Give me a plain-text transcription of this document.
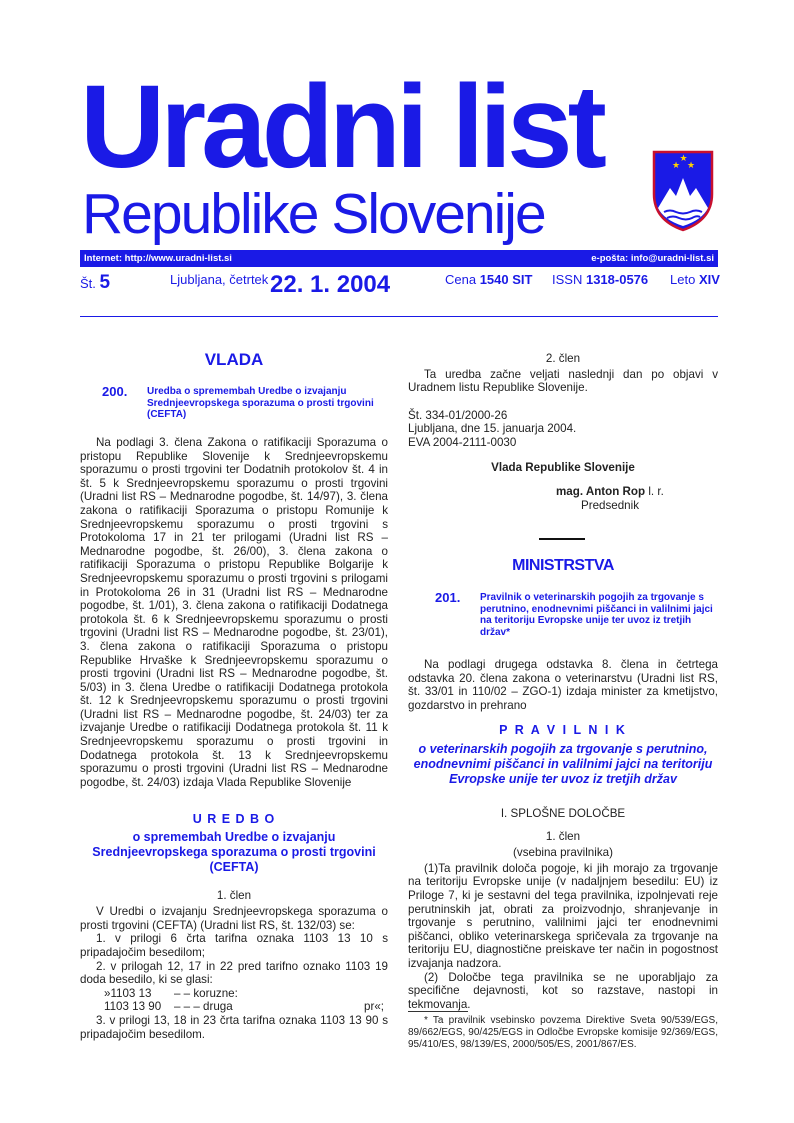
Uradni list
Republike Slovenije
★ ★
★
Internet: http://www.uradni-list.si	e-pošta: info@uradni-list.si
Št. 5	Ljubljana, četrtek 22. 1. 2004	Cena 1540 SIT ISSN 1318-0576 Leto XIV

VLADA

200. Uredba o spremembah Uredbe o izvajanju Srednjeevropskega sporazuma o prosti trgovini (CEFTA)

Na podlagi 3. člena Zakona o ratifikaciji Sporazuma o pristopu Republike Slovenije k Srednjeevropskemu sporazumu o prosti trgovini ter Dodatnih protokolov št. 4 in št. 5 k Srednjeevropskemu sporazumu o prosti trgovini (Uradni list RS – Mednarodne pogodbe, št. 14/97), 3. člena zakona o ratifikaciji Sporazuma o pristopu Romunije k Srednjeevropskemu sporazumu o prosti trgovini s Protokoloma 17 in 21 ter prilogami (Uradni list RS – Mednarodne pogodbe, št. 26/00), 3. člena zakona o ratifikaciji Sporazuma o pristopu Republike Bolgarije k Srednjeevropskemu sporazumu o prosti trgovini s prilogami in Protokoloma 26 in 31 (Uradni list RS – Mednarodne pogodbe, št. 1/01), 3. člena zakona o ratifikaciji Dodatnega protokola št. 6 k Srednjeevropskemu sporazumu o prosti trgovini (Uradni list RS – Mednarodne pogodbe, št. 23/01), 3. člena zakona o ratifikaciji Sporazuma o pristopu Republike Hrvaške k Srednjeevropskemu sporazumu o prosti trgovini (Uradni list RS – Mednarodne pogodbe, št. 5/03) in 3. člena Uredbe o ratifikaciji Dodatnega protokola št. 12 k Srednjeevropskemu sporazumu o prosti trgovini (Uradni list RS – Mednarodne pogodbe, št. 24/03) ter za izvajanje Uredbe o ratifikaciji Dodatnega protokola št. 11 k Srednjeevropskemu sporazumu o prosti trgovini in Dodatnega protokola št. 13 k Srednjeevropskemu sporazumu o prosti trgovini (Uradni list RS – Mednarodne pogodbe, št. 24/03) izdaja Vlada Republike Slovenije

U R E D B O

o spremembah Uredbe o izvajanju Srednjeevropskega sporazuma o prosti trgovini (CEFTA)

1. člen

V Uredbi o izvajanju Srednjeevropskega sporazuma o prosti trgovini (CEFTA) (Uradni list RS, št. 132/03) se:

1. v prilogi 6 črta tarifna oznaka 1103 13 10 s pripadajočim besedilom;

2. v prilogah 12, 17 in 22 pred tarifno oznako 1103 19 doda besedilo, ki se glasi:

»1103 13 – – koruzne:
1103 13 90 – – – druga	pr«;

3. v prilogi 13, 18 in 23 črta tarifna oznaka 1103 13 90 s pripadajočim besedilom.

2. člen

Ta uredba začne veljati naslednji dan po objavi v Uradnem listu Republike Slovenije.

Št. 334-01/2000-26

Ljubljana, dne 15. januarja 2004.

EVA 2004-2111-0030

Vlada Republike Slovenije

mag. Anton Rop l. r.

Predsednik

MINISTRSTVA

201. Pravilnik o veterinarskih pogojih za trgovanje s perutnino, enodnevnimi piščanci in valilnimi jajci na teritoriju Evropske unije ter uvoz iz tretjih držav*

Na podlagi drugega odstavka 8. člena in četrtega odstavka 20. člena zakona o veterinarstvu (Uradni list RS, št. 33/01 in 110/02 – ZGO-1) izdaja minister za kmetijstvo, gozdarstvo in prehrano

P R A V I L N I K

o veterinarskih pogojih za trgovanje s perutnino, enodnevnimi piščanci in valilnimi jajci na teritoriju Evropske unije ter uvoz iz tretjih držav

I. SPLOŠNE DOLOČBE

1. člen

(vsebina pravilnika)

(1)Ta pravilnik določa pogoje, ki jih morajo za trgovanje na teritoriju Evropske unije (v nadaljnjem besedilu: EU) iz Priloge 7, ki je sestavni del tega pravilnika, izpolnjevati reje perutninskih jat, obrati za proizvodnjo, shranjevanje in trgovanje s perutnino, valilnimi jajci ter enodnevnimi piščanci, obliko veterinarskega spričevala za trgovanje na teritoriju EU, diagnostične preiskave ter način in pogostnost izvajanja nadzora.

(2) Določbe tega pravilnika se ne uporabljajo za specifične dejavnosti, kot so razstave, nastopi in tekmovanja.

* Ta pravilnik vsebinsko povzema Direktive Sveta 90/539/EGS, 89/662/EGS, 90/425/EGS in Odločbe Evropske komisije 92/369/EGS, 95/410/ES, 98/139/ES, 2000/505/ES, 2001/867/ES.
